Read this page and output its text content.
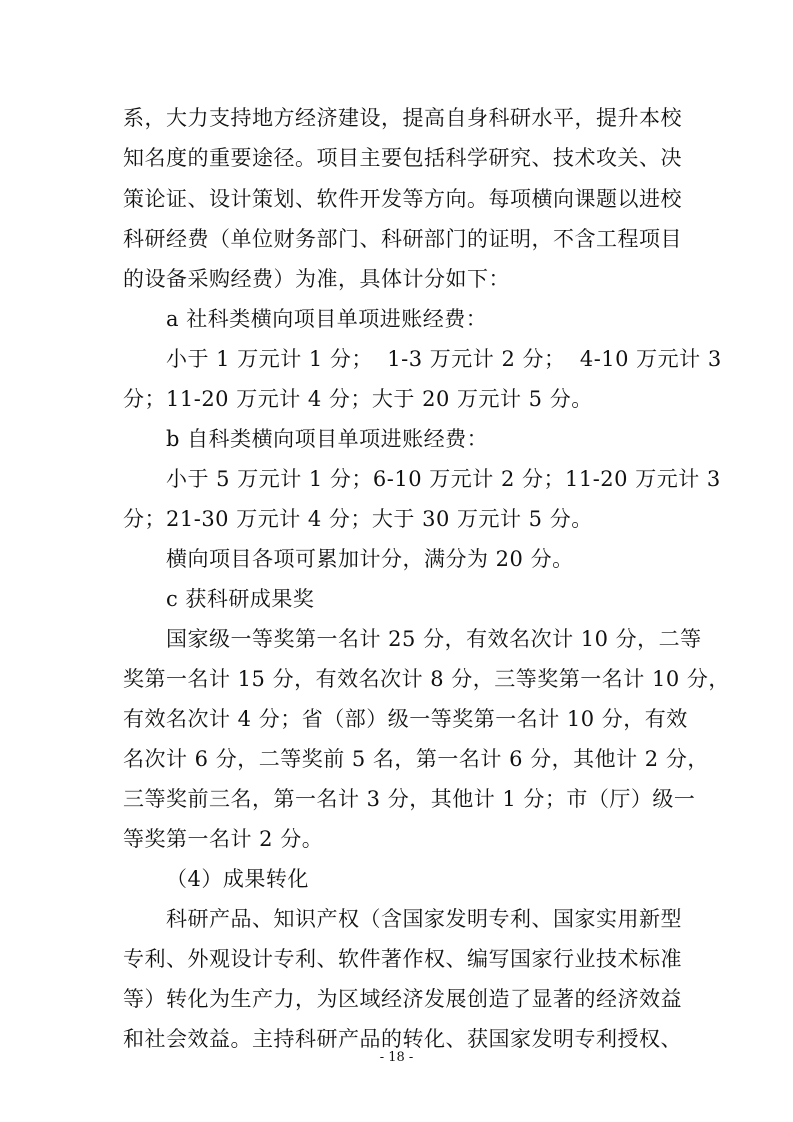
系，大力支持地方经济建设，提高自身科研水平，提升本校
知名度的重要途径。项目主要包括科学研究、技术攻关、决
策论证、设计策划、软件开发等方向。每项横向课题以进校
科研经费（单位财务部门、科研部门的证明，不含工程项目
的设备采购经费）为准，具体计分如下：
a 社科类横向项目单项进账经费：
小于 1 万元计 1 分；  1-3 万元计 2 分；  4-10 万元计 3
分；11-20 万元计 4 分；大于 20 万元计 5 分。
b 自科类横向项目单项进账经费：
小于 5 万元计 1 分；6-10 万元计 2 分；11-20 万元计 3
分；21-30 万元计 4 分；大于 30 万元计 5 分。
横向项目各项可累加计分，满分为 20 分。
c 获科研成果奖
国家级一等奖第一名计 25 分，有效名次计 10 分，二等
奖第一名计 15 分，有效名次计 8 分，三等奖第一名计 10 分，
有效名次计 4 分；省（部）级一等奖第一名计 10 分，有效
名次计 6 分，二等奖前 5 名，第一名计 6 分，其他计 2 分，
三等奖前三名，第一名计 3 分，其他计 1 分；市（厅）级一
等奖第一名计 2 分。
（4）成果转化
科研产品、知识产权（含国家发明专利、国家实用新型
专利、外观设计专利、软件著作权、编写国家行业技术标准
等）转化为生产力，为区域经济发展创造了显著的经济效益
和社会效益。主持科研产品的转化、获国家发明专利授权、
- 18 -
